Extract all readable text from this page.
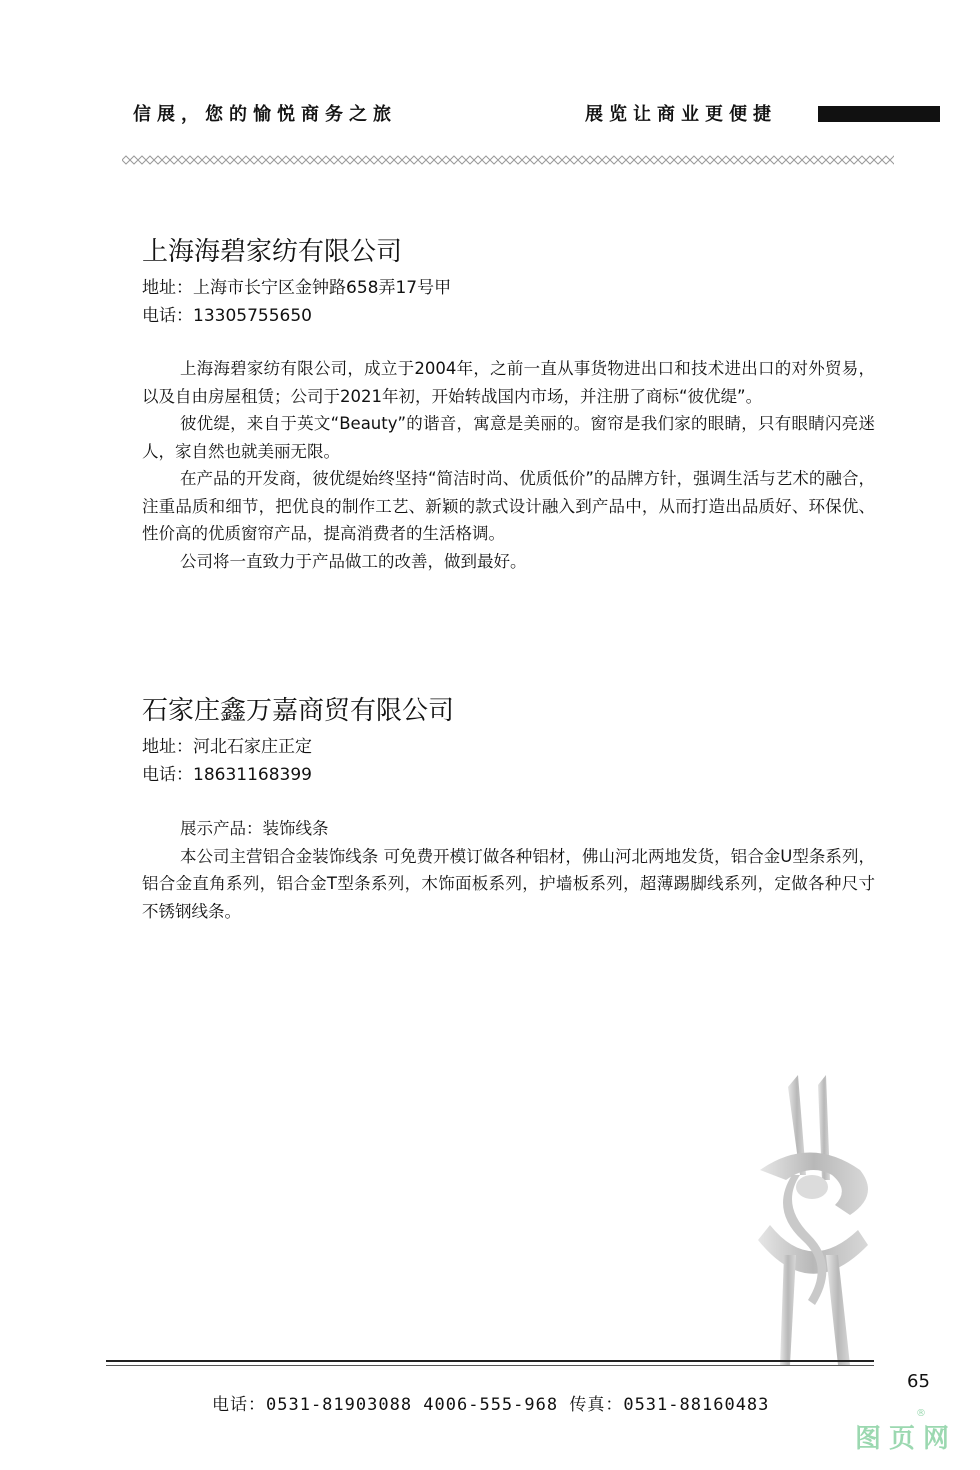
信展，您的愉悦商务之旅	展览让商业更便捷
上海海碧家纺有限公司
地址：上海市长宁区金钟路658弄17号甲
电话：13305755650

上海海碧家纺有限公司，成立于2004年，之前一直从事货物进出口和技术进出口的对外贸易，以及自由房屋租赁；公司于2021年初，开始转战国内市场，并注册了商标“彼优缇”。

彼优缇，来自于英文“Beauty”的谐音，寓意是美丽的。窗帘是我们家的眼睛，只有眼睛闪亮迷人，家自然也就美丽无限。

在产品的开发商，彼优缇始终坚持“简洁时尚、优质低价”的品牌方针，强调生活与艺术的融合，注重品质和细节，把优良的制作工艺、新颖的款式设计融入到产品中，从而打造出品质好、环保优、性价高的优质窗帘产品，提高消费者的生活格调。

公司将一直致力于产品做工的改善，做到最好。

石家庄鑫万嘉商贸有限公司
地址：河北石家庄正定
电话：18631168399

展示产品：装饰线条

本公司主营铝合金装饰线条 可免费开模订做各种铝材，佛山河北两地发货，铝合金U型条系列，铝合金直角系列，铝合金T型条系列，木饰面板系列，护墙板系列，超薄踢脚线系列，定做各种尺寸不锈钢线条。

65
电话：0531-81903088 4006-555-968 传真：0531-88160483
图页网
®
